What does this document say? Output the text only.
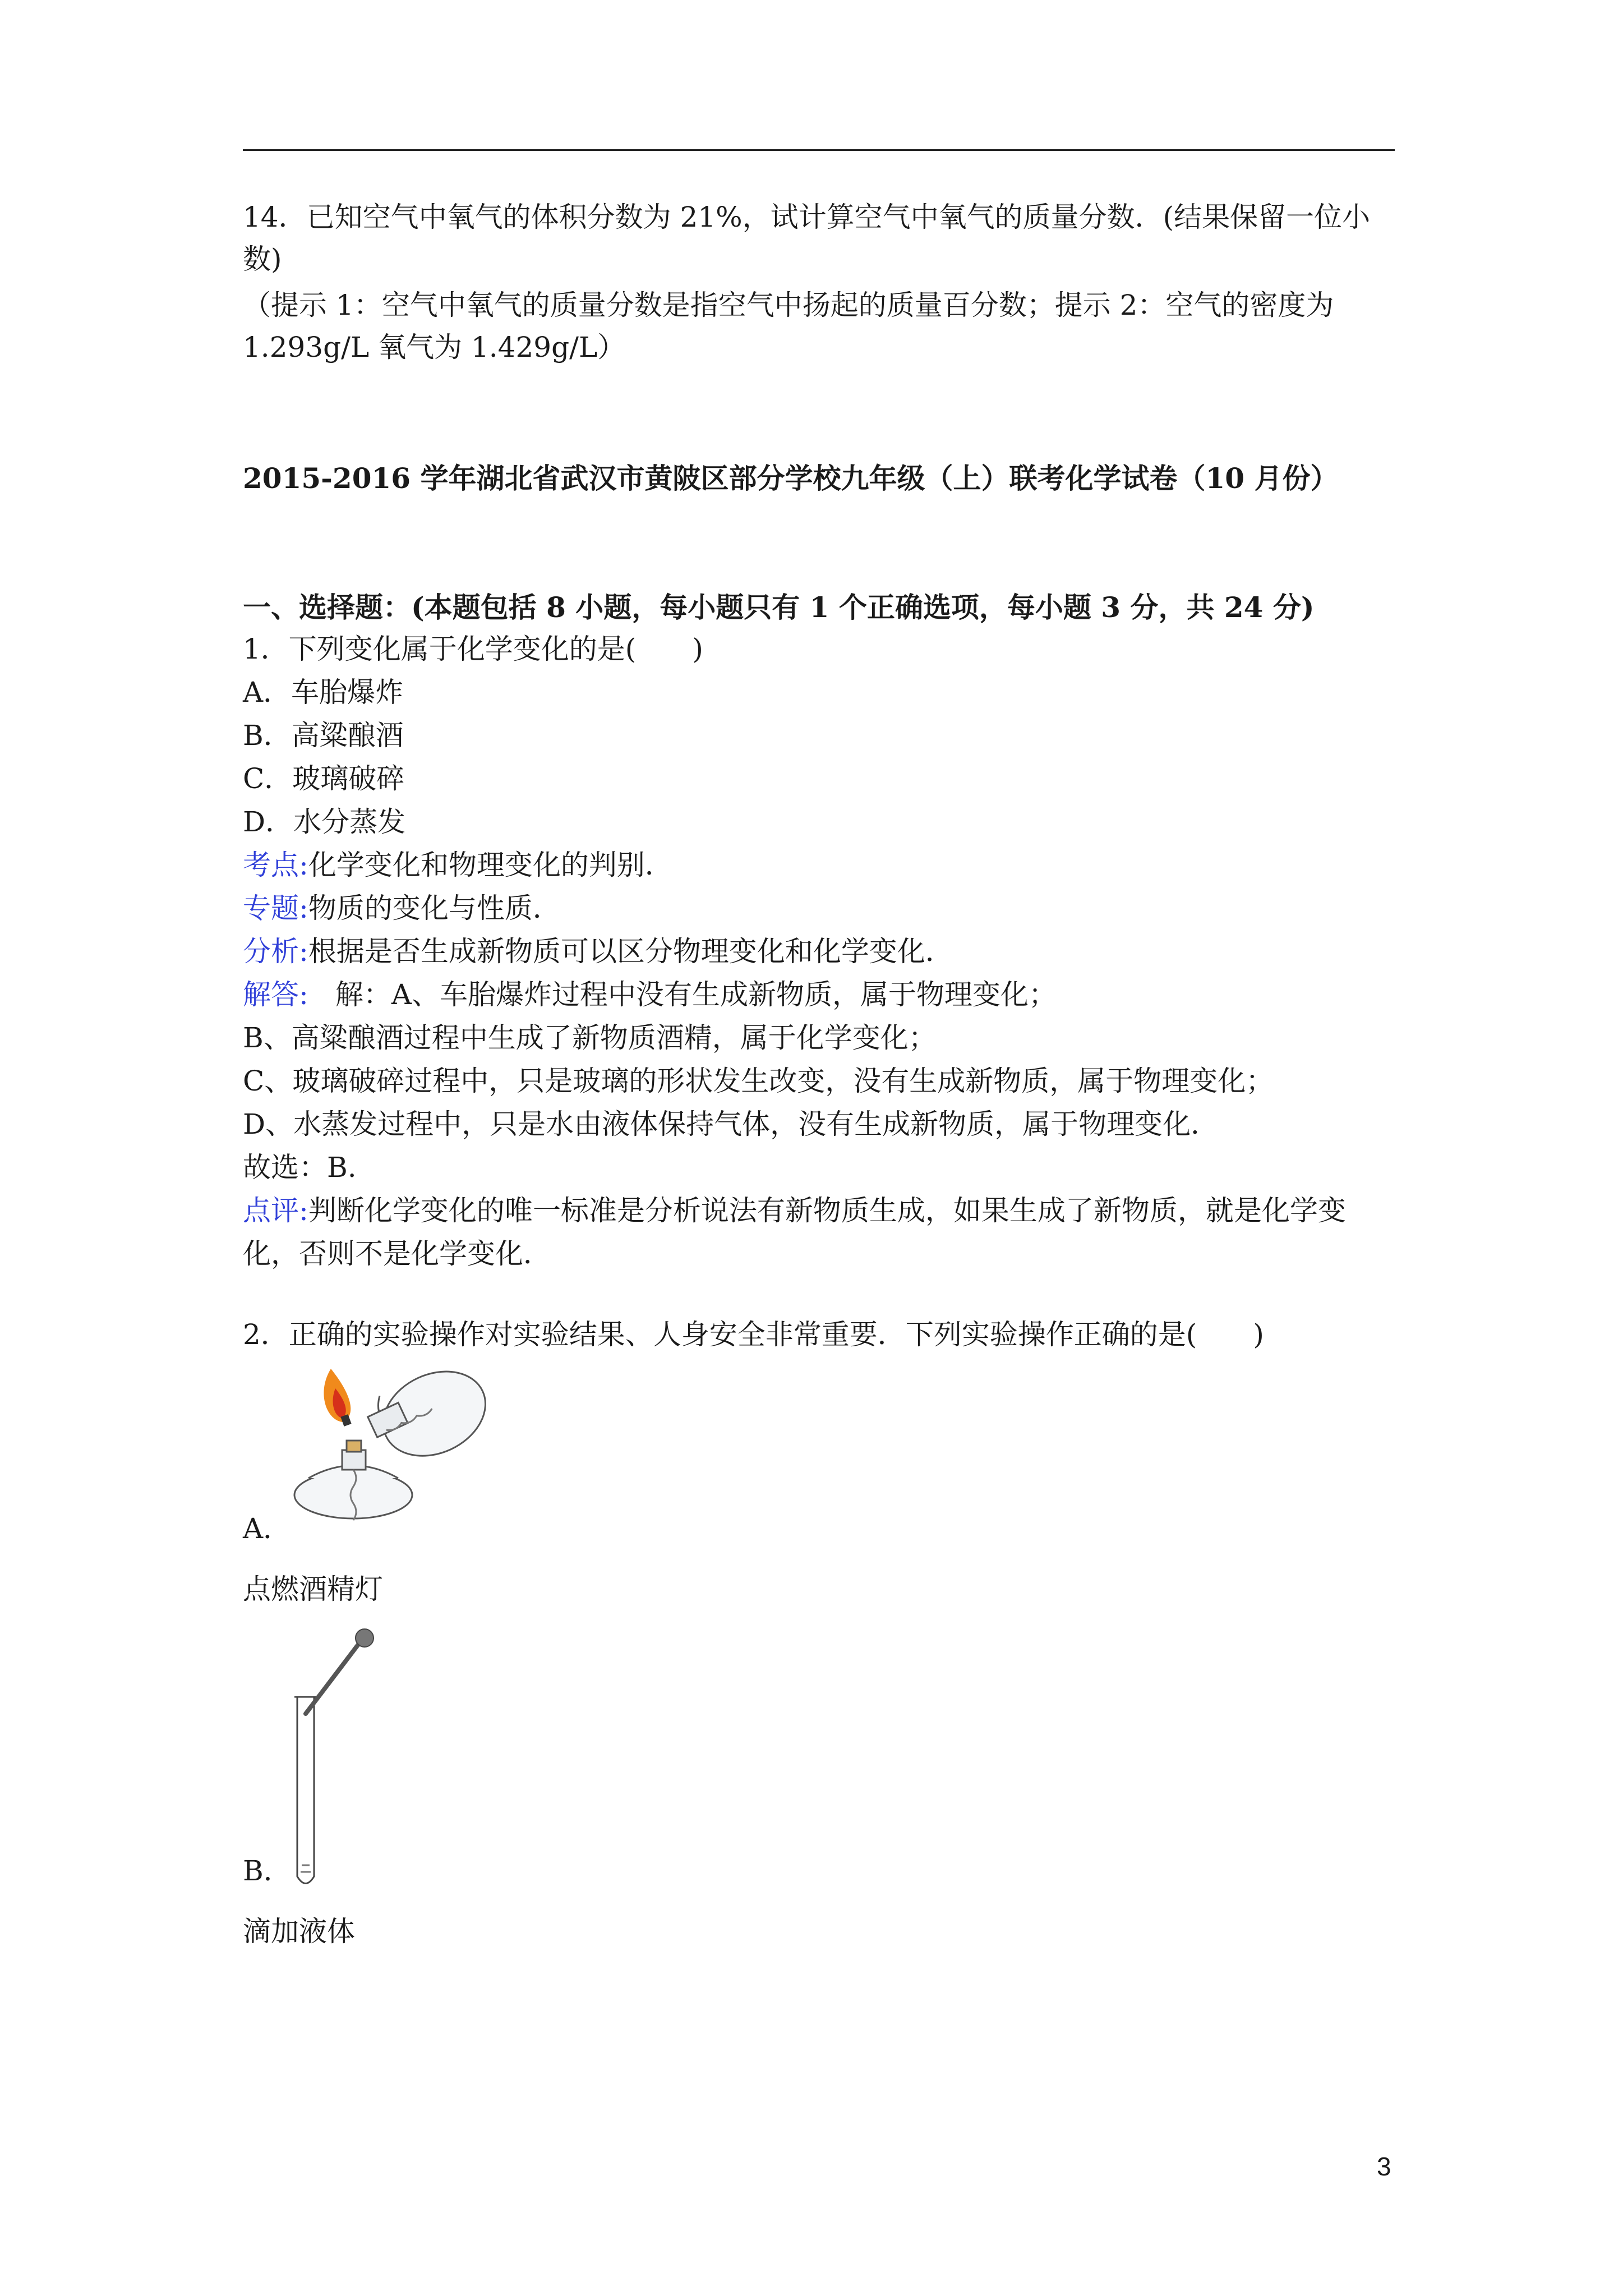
14．已知空气中氧气的体积分数为 21%，试计算空气中氧气的质量分数．(结果保留一位小
数)
（提示 1：空气中氧气的质量分数是指空气中扬起的质量百分数；提示 2：空气的密度为
1.293g/L 氧气为 1.429g/L）
2015-2016 学年湖北省武汉市黄陂区部分学校九年级（上）联考化学试卷（10 月份）
一、选择题：(本题包括 8 小题，每小题只有 1 个正确选项，每小题 3 分，共 24 分)
1．下列变化属于化学变化的是(　　)
A．车胎爆炸
B．高粱酿酒
C．玻璃破碎
D．水分蒸发
考点:化学变化和物理变化的判别．
专题:物质的变化与性质．
分析:根据是否生成新物质可以区分物理变化和化学变化．
解答: 解：A、车胎爆炸过程中没有生成新物质，属于物理变化；
B、高粱酿酒过程中生成了新物质酒精，属于化学变化；
C、玻璃破碎过程中，只是玻璃的形状发生改变，没有生成新物质，属于物理变化；
D、水蒸发过程中，只是水由液体保持气体，没有生成新物质，属于物理变化．
故选：B.
点评:判断化学变化的唯一标准是分析说法有新物质生成，如果生成了新物质，就是化学变
化，否则不是化学变化．
2．正确的实验操作对实验结果、人身安全非常重要．下列实验操作正确的是(　　)
A．
点燃酒精灯
B．
滴加液体
3
